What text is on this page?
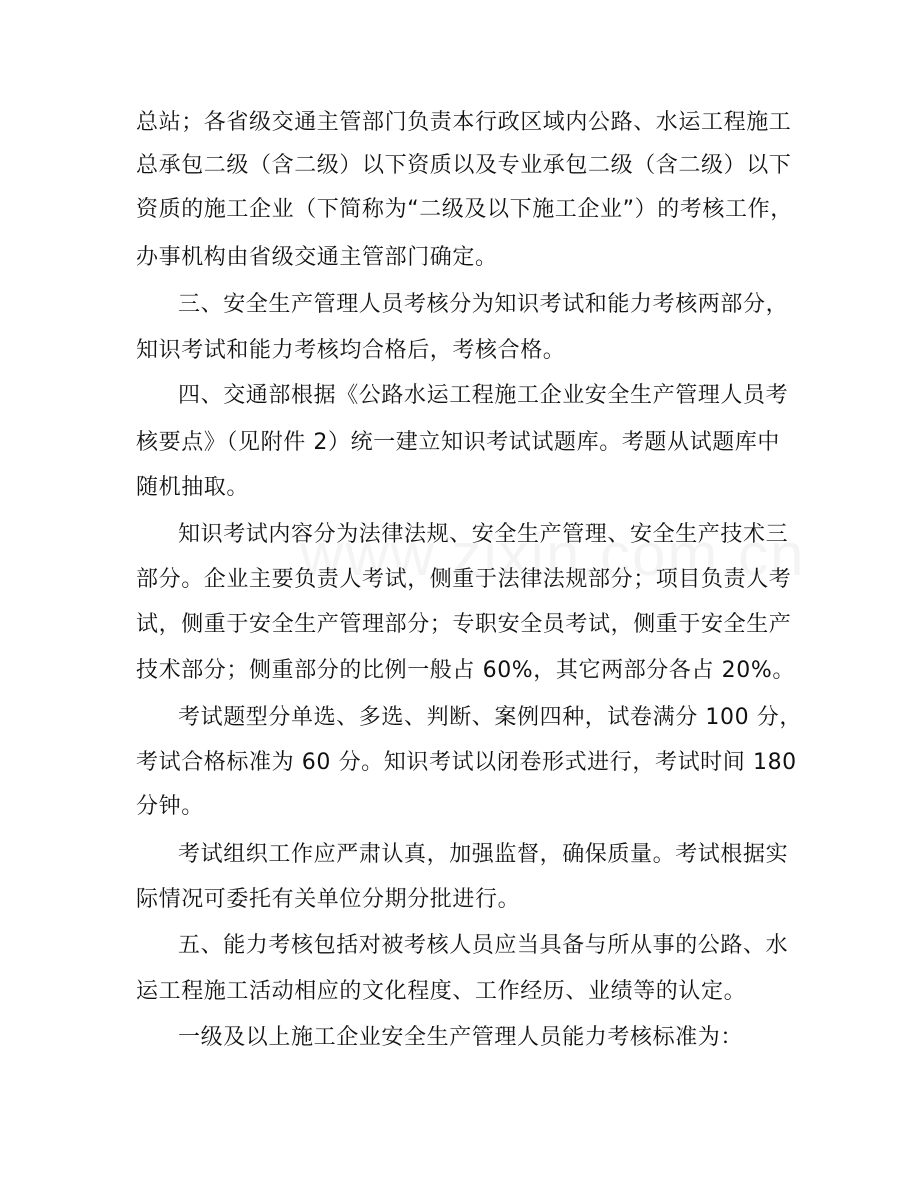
总站；各省级交通主管部门负责本行政区域内公路、水运工程施工
总承包二级（含二级）以下资质以及专业承包二级（含二级）以下
资质的施工企业（下简称为“二级及以下施工企业”）的考核工作，
办事机构由省级交通主管部门确定。
三、安全生产管理人员考核分为知识考试和能力考核两部分，
知识考试和能力考核均合格后，考核合格。
四、交通部根据《公路水运工程施工企业安全生产管理人员考
核要点》（见附件 2）统一建立知识考试试题库。考题从试题库中
随机抽取。
知识考试内容分为法律法规、安全生产管理、安全生产技术三
部分。企业主要负责人考试，侧重于法律法规部分；项目负责人考
试，侧重于安全生产管理部分；专职安全员考试，侧重于安全生产
技术部分；侧重部分的比例一般占 60%，其它两部分各占 20%。
考试题型分单选、多选、判断、案例四种，试卷满分 100 分，
考试合格标准为 60 分。知识考试以闭卷形式进行，考试时间 180
分钟。
考试组织工作应严肃认真，加强监督，确保质量。考试根据实
际情况可委托有关单位分期分批进行。
五、能力考核包括对被考核人员应当具备与所从事的公路、水
运工程施工活动相应的文化程度、工作经历、业绩等的认定。
一级及以上施工企业安全生产管理人员能力考核标准为：
